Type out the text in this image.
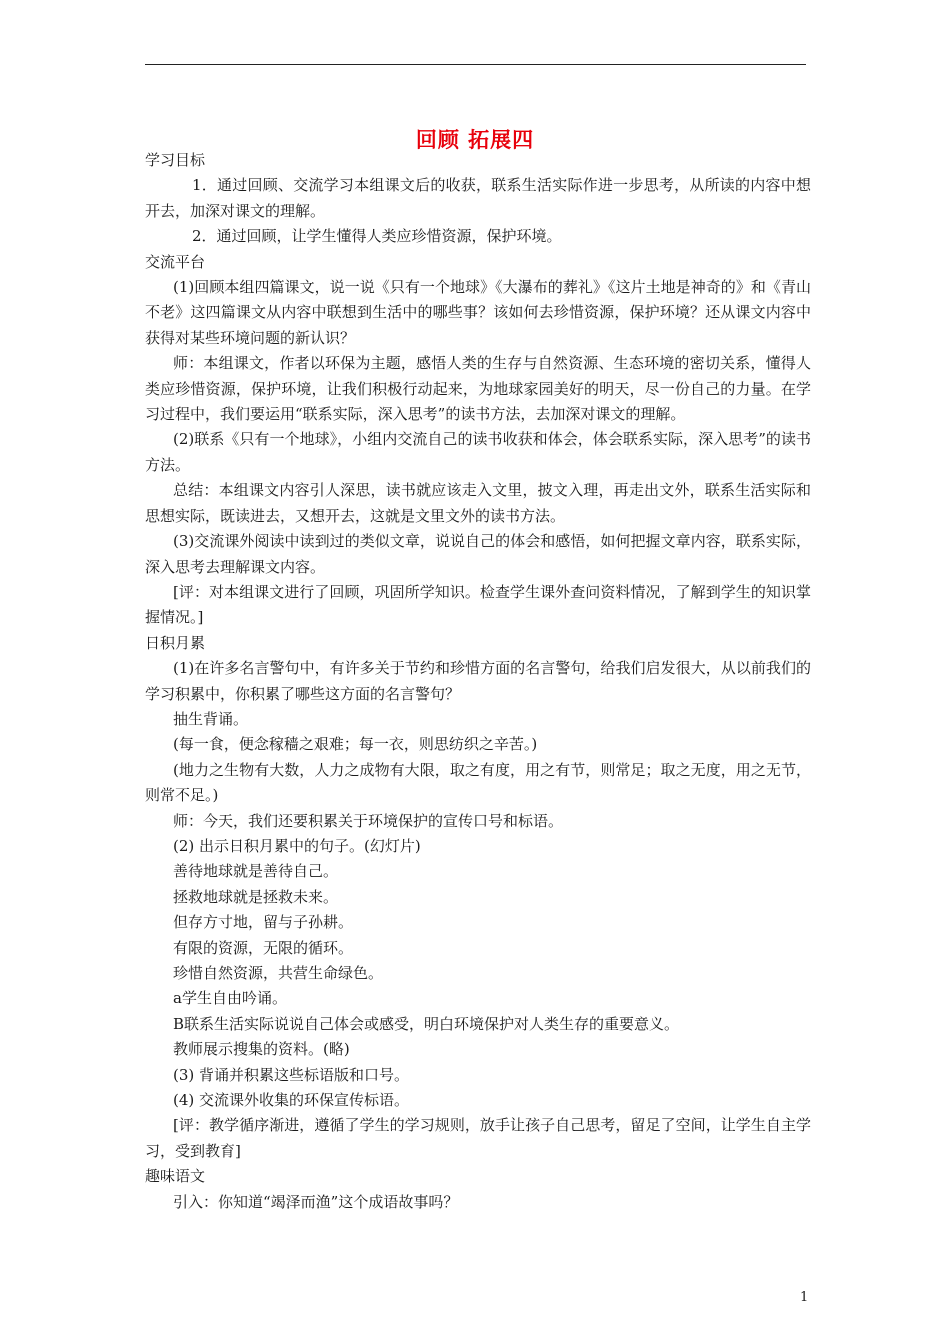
回顾 拓展四

学习目标

1．通过回顾、交流学习本组课文后的收获，联系生活实际作进一步思考，从所读的内容中想开去，加深对课文的理解。

2．通过回顾，让学生懂得人类应珍惜资源，保护环境。

交流平台

(1)回顾本组四篇课文，说一说《只有一个地球》《大瀑布的葬礼》《这片土地是神奇的》和《青山不老》这四篇课文从内容中联想到生活中的哪些事？该如何去珍惜资源，保护环境？还从课文内容中获得对某些环境问题的新认识？

师：本组课文，作者以环保为主题，感悟人类的生存与自然资源、生态环境的密切关系，懂得人类应珍惜资源，保护环境，让我们积极行动起来，为地球家园美好的明天，尽一份自己的力量。在学习过程中，我们要运用“联系实际，深入思考”的读书方法，去加深对课文的理解。

(2)联系《只有一个地球》，小组内交流自己的读书收获和体会，体会联系实际，深入思考”的读书方法。

总结：本组课文内容引人深思，读书就应该走入文里，披文入理，再走出文外，联系生活实际和思想实际，既读进去，又想开去，这就是文里文外的读书方法。

(3)交流课外阅读中读到过的类似文章，说说自己的体会和感悟，如何把握文章内容，联系实际，深入思考去理解课文内容。

[评：对本组课文进行了回顾，巩固所学知识。检查学生课外查问资料情况，了解到学生的知识掌握情况。]

日积月累

(1)在许多名言警句中，有许多关于节约和珍惜方面的名言警句，给我们启发很大，从以前我们的学习积累中，你积累了哪些这方面的名言警句？

抽生背诵。

(每一食，便念稼穑之艰难；每一衣，则思纺织之辛苦。)

(地力之生物有大数，人力之成物有大限，取之有度，用之有节，则常足；取之无度，用之无节，则常不足。)

师：今天，我们还要积累关于环境保护的宣传口号和标语。

(2) 出示日积月累中的句子。(幻灯片)

善待地球就是善待自己。

拯救地球就是拯救未来。

但存方寸地，留与子孙耕。

有限的资源，无限的循环。

珍惜自然资源，共营生命绿色。

a学生自由吟诵。

B联系生活实际说说自己体会或感受，明白环境保护对人类生存的重要意义。

教师展示搜集的资料。(略)

(3) 背诵并积累这些标语版和口号。

(4) 交流课外收集的环保宣传标语。

[评：教学循序渐进，遵循了学生的学习规则，放手让孩子自己思考，留足了空间，让学生自主学习，受到教育]

趣味语文

引入：你知道“竭泽而渔”这个成语故事吗？

1
